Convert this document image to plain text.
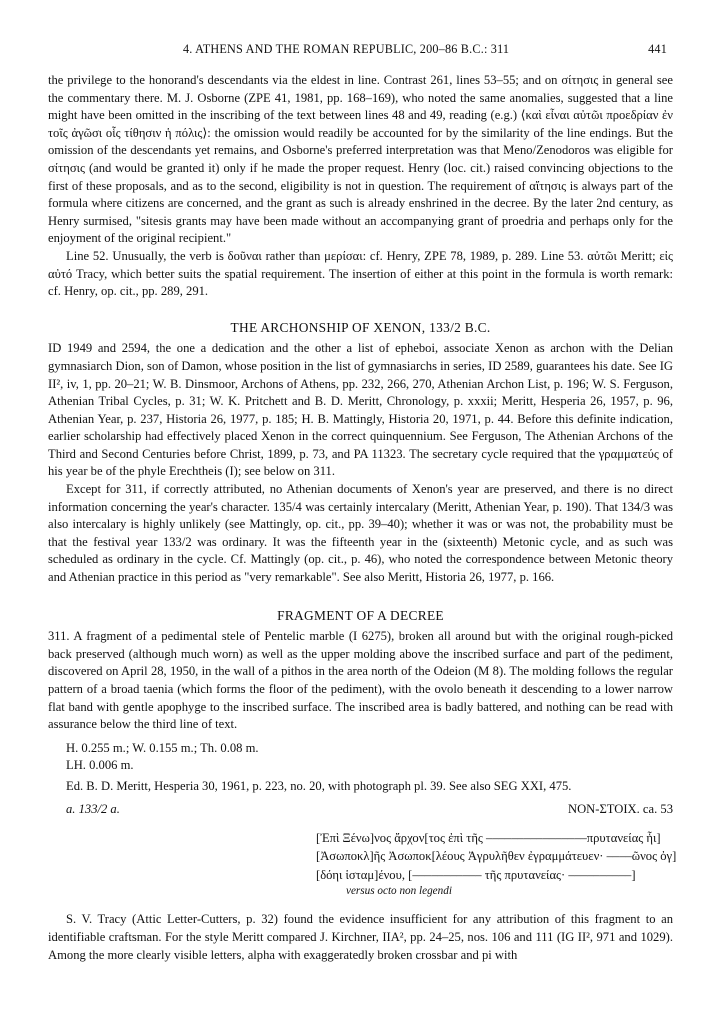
4. ATHENS AND THE ROMAN REPUBLIC, 200–86 B.C.: 311	441

the privilege to the honorand's descendants via the eldest in line. Contrast 261, lines 53–55; and on σίτησις in general see the commentary there. M. J. Osborne (ZPE 41, 1981, pp. 168–169), who noted the same anomalies, suggested that a line might have been omitted in the inscribing of the text between lines 48 and 49, reading (e.g.) ⟨καὶ εἶναι αὐτῶι προεδρίαν ἐν τοῖς ἀγῶσι οἷς τίθησιν ἡ πόλις⟩: the omission would readily be accounted for by the similarity of the line endings. But the omission of the descendants yet remains, and Osborne's preferred interpretation was that Meno/Zenodoros was eligible for σίτησις (and would be granted it) only if he made the proper request. Henry (loc. cit.) raised convincing objections to the first of these proposals, and as to the second, eligibility is not in question. The requirement of αἴτησις is always part of the formula where citizens are concerned, and the grant as such is already enshrined in the decree. By the later 2nd century, as Henry surmised, "sitesis grants may have been made without an accompanying grant of proedria and perhaps only for the enjoyment of the original recipient."

Line 52. Unusually, the verb is δοῦναι rather than μερίσαι: cf. Henry, ZPE 78, 1989, p. 289. Line 53. αὐτῶι Meritt; εἰς αὐτό Tracy, which better suits the spatial requirement. The insertion of either at this point in the formula is worth remark: cf. Henry, op. cit., pp. 289, 291.

THE ARCHONSHIP OF XENON, 133/2 B.C.

ID 1949 and 2594, the one a dedication and the other a list of epheboi, associate Xenon as archon with the Delian gymnasiarch Dion, son of Damon, whose position in the list of gymnasiarchs in series, ID 2589, guarantees his date. See IG II², iv, 1, pp. 20–21; W. B. Dinsmoor, Archons of Athens, pp. 232, 266, 270, Athenian Archon List, p. 196; W. S. Ferguson, Athenian Tribal Cycles, p. 31; W. K. Pritchett and B. D. Meritt, Chronology, p. xxxii; Meritt, Hesperia 26, 1957, p. 96, Athenian Year, p. 237, Historia 26, 1977, p. 185; H. B. Mattingly, Historia 20, 1971, p. 44. Before this definite indication, earlier scholarship had effectively placed Xenon in the correct quinquennium. See Ferguson, The Athenian Archons of the Third and Second Centuries before Christ, 1899, p. 73, and PA 11323. The secretary cycle required that the γραμματεύς of his year be of the phyle Erechtheis (I); see below on 311.

Except for 311, if correctly attributed, no Athenian documents of Xenon's year are preserved, and there is no direct information concerning the year's character. 135/4 was certainly intercalary (Meritt, Athenian Year, p. 190). That 134/3 was also intercalary is highly unlikely (see Mattingly, op. cit., pp. 39–40); whether it was or was not, the probability must be that the festival year 133/2 was ordinary. It was the fifteenth year in the (sixteenth) Metonic cycle, and as such was scheduled as ordinary in the cycle. Cf. Mattingly (op. cit., p. 46), who noted the correspondence between Metonic theory and Athenian practice in this period as "very remarkable". See also Meritt, Historia 26, 1977, p. 166.

FRAGMENT OF A DECREE

311. A fragment of a pedimental stele of Pentelic marble (I 6275), broken all around but with the original rough-picked back preserved (although much worn) as well as the upper molding above the inscribed surface and part of the pediment, discovered on April 28, 1950, in the wall of a pithos in the area north of the Odeion (M 8). The molding follows the regular pattern of a broad taenia (which forms the floor of the pediment), with the ovolo beneath it descending to a lower narrow flat band with gentle apophyge to the inscribed surface. The inscribed area is badly battered, and nothing can be read with assurance below the third line of text.

H. 0.255 m.; W. 0.155 m.; Th. 0.08 m.
LH. 0.006 m.
Ed. B. D. Meritt, Hesperia 30, 1961, p. 223, no. 20, with photograph pl. 39. See also SEG XXI, 475.
a. 133/2 a.	NON-ΣΤΟΙΧ. ca. 53
[Ἐπὶ Ξένω]νος ἄρχον[τος ἐπὶ τῆς ––––––––––––––––πρυτανείας ἧι]
[Ἀσωποκλ]ῆς Ἀσωποκ[λέους Ἀγρυλῆθεν ἐγραμμάτευεν· ––––ῶνος ὀγ]
[δόηι ἱσταμ]ένου, [––––––––––– τῆς πρυτανείας· ––––––––––]
versus octo non legendi

S. V. Tracy (Attic Letter-Cutters, p. 32) found the evidence insufficient for any attribution of this fragment to an identifiable craftsman. For the style Meritt compared J. Kirchner, IIA², pp. 24–25, nos. 106 and 111 (IG II², 971 and 1029). Among the more clearly visible letters, alpha with exaggeratedly broken crossbar and pi with
